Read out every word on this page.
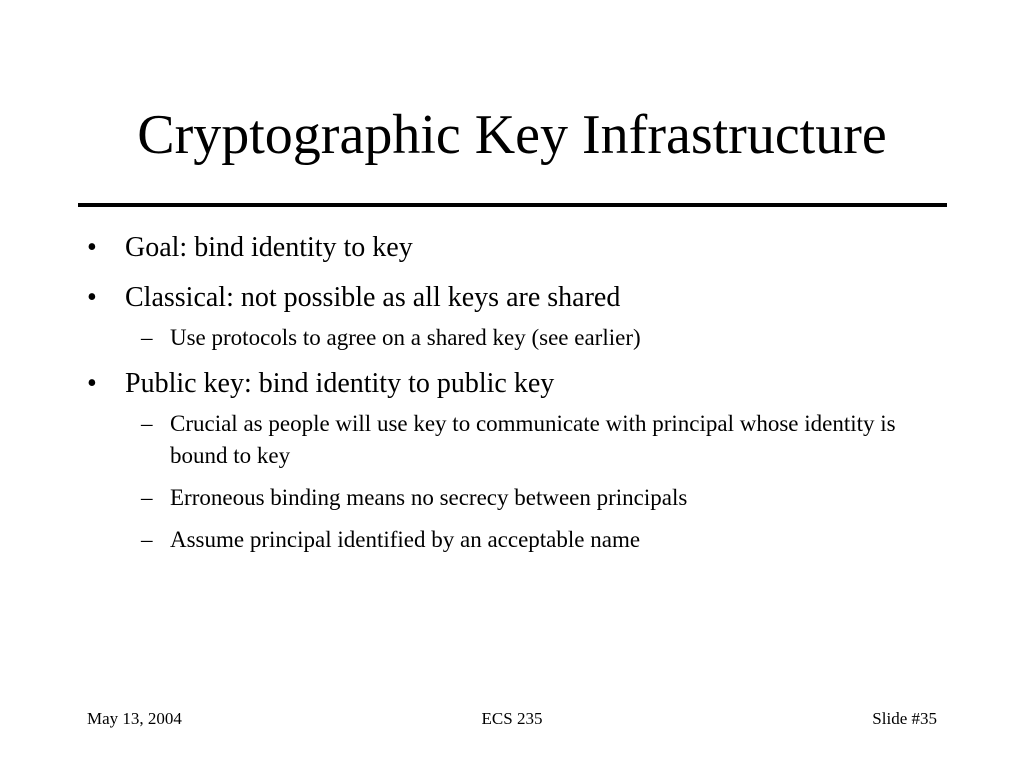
Cryptographic Key Infrastructure
• Goal: bind identity to key
• Classical: not possible as all keys are shared
– Use protocols to agree on a shared key (see earlier)
• Public key: bind identity to public key
– Crucial as people will use key to communicate with principal whose identity is bound to key
– Erroneous binding means no secrecy between principals
– Assume principal identified by an acceptable name
May 13, 2004	ECS 235	Slide #35
